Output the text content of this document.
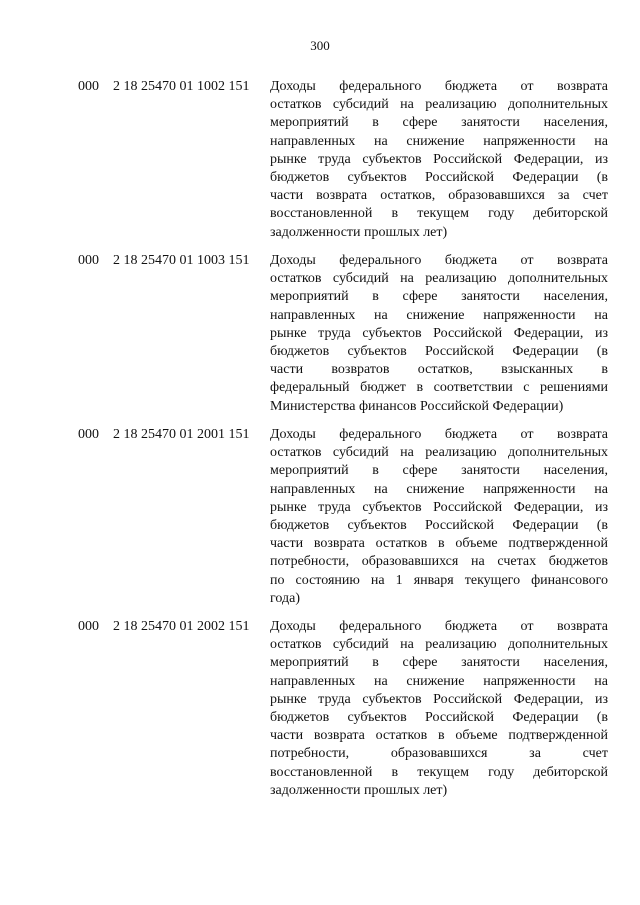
300
000 2 18 25470 01 1002 151 Доходы федерального бюджета от возврата
остатков субсидий на реализацию дополнительных
мероприятий в сфере занятости населения,
направленных на снижение напряженности на
рынке труда субъектов Российской Федерации, из
бюджетов субъектов Российской Федерации (в
части возврата остатков, образовавшихся за счет
восстановленной в текущем году дебиторской
задолженности прошлых лет)
000 2 18 25470 01 1003 151 Доходы федерального бюджета от возврата
остатков субсидий на реализацию дополнительных
мероприятий в сфере занятости населения,
направленных на снижение напряженности на
рынке труда субъектов Российской Федерации, из
бюджетов субъектов Российской Федерации (в
части возвратов остатков, взысканных в
федеральный бюджет в соответствии с решениями
Министерства финансов Российской Федерации)
000 2 18 25470 01 2001 151 Доходы федерального бюджета от возврата
остатков субсидий на реализацию дополнительных
мероприятий в сфере занятости населения,
направленных на снижение напряженности на
рынке труда субъектов Российской Федерации, из
бюджетов субъектов Российской Федерации (в
части возврата остатков в объеме подтвержденной
потребности, образовавшихся на счетах бюджетов
по состоянию на 1 января текущего финансового
года)
000 2 18 25470 01 2002 151 Доходы федерального бюджета от возврата
остатков субсидий на реализацию дополнительных
мероприятий в сфере занятости населения,
направленных на снижение напряженности на
рынке труда субъектов Российской Федерации, из
бюджетов субъектов Российской Федерации (в
части возврата остатков в объеме подтвержденной
потребности, образовавшихся за счет
восстановленной в текущем году дебиторской
задолженности прошлых лет)
